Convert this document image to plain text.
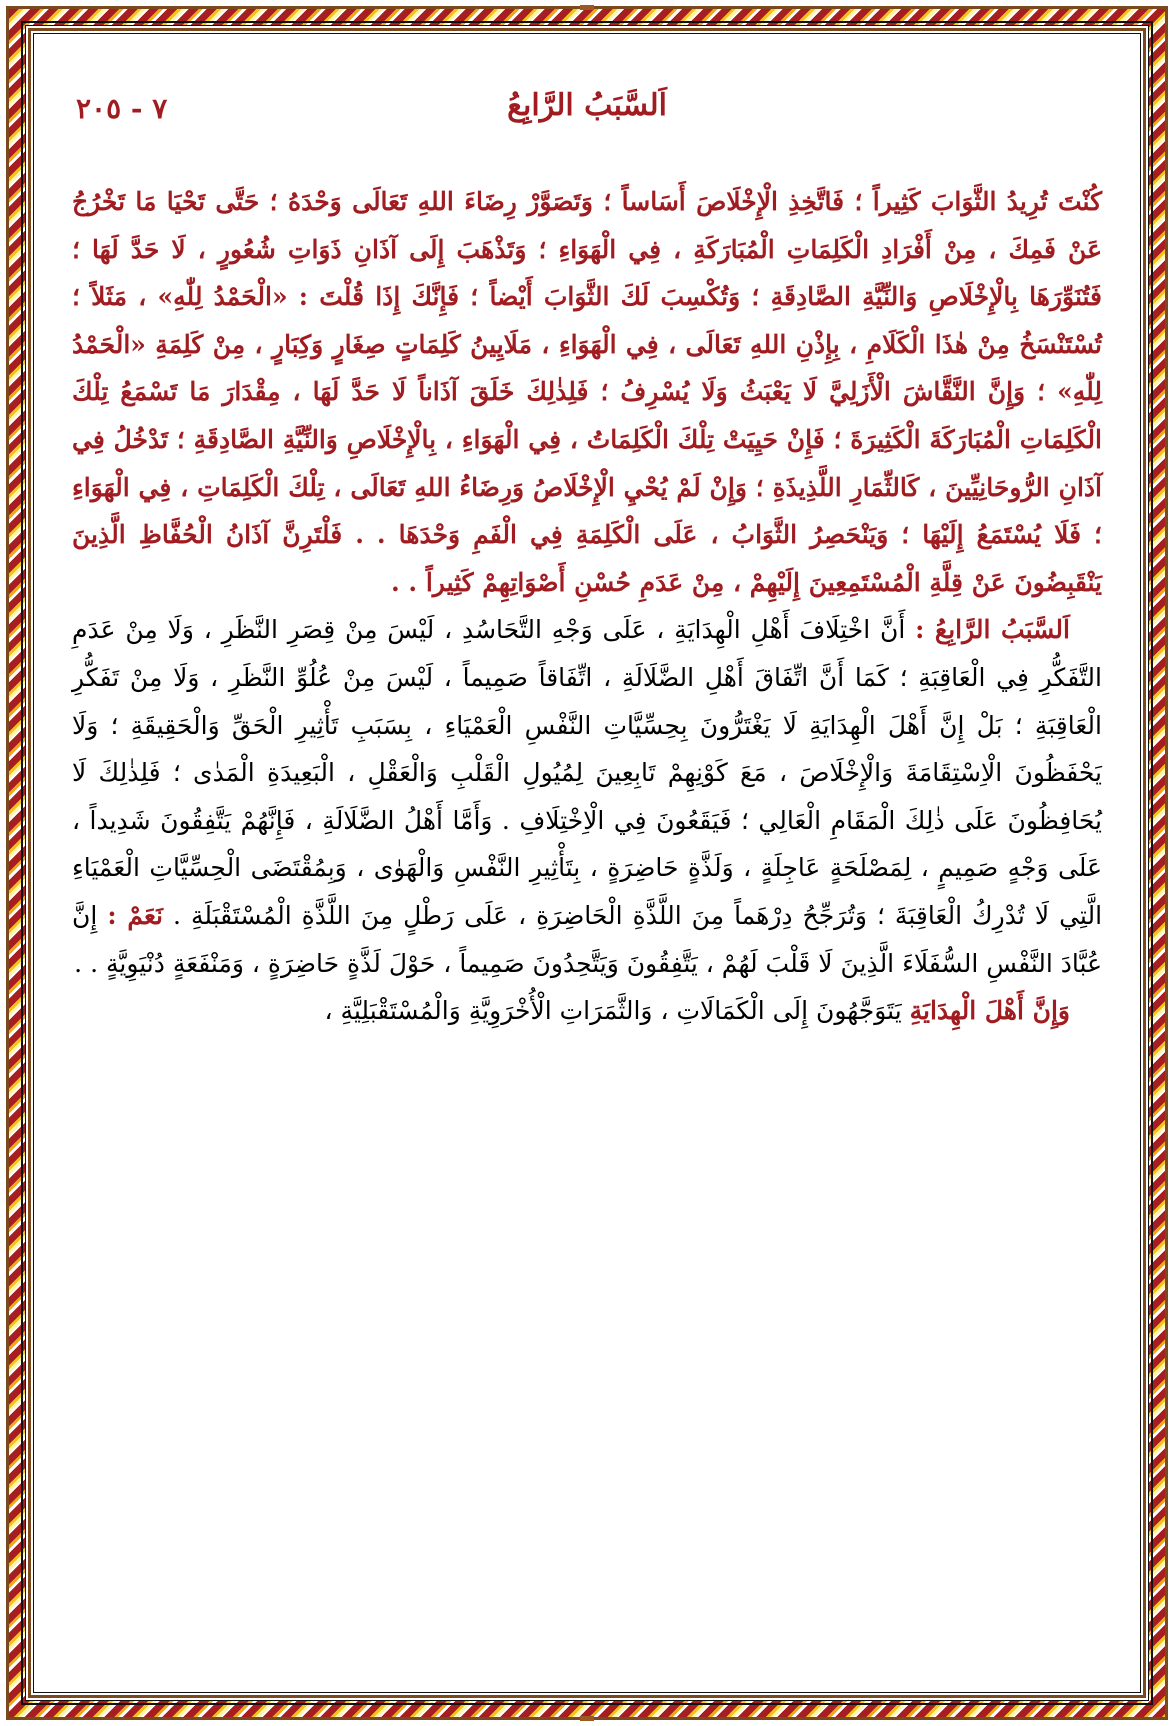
اَلسَّبَبُ الرَّابِعُ
٧ - ٢٠٥

كُنْتَ تُرِيدُ الثَّوَابَ كَثِيراً ؛ فَاتَّخِذِ الْإِخْلَاصَ أَسَاساً ؛ وَتَصَوَّرْ رِضَاءَ اللهِ تَعَالَى وَحْدَهُ ؛ حَتَّى تَحْيَا مَا تَخْرُجُ عَنْ فَمِكَ ، مِنْ أَفْرَادِ الْكَلِمَاتِ الْمُبَارَكَةِ ، فِي الْهَوَاءِ ؛ وَتَذْهَبَ إِلَى آذَانِ ذَوَاتِ شُعُورٍ ، لَا حَدَّ لَهَا ؛ فَتُنَوِّرَهَا بِالْإِخْلَاصِ وَالنِّيَّةِ الصَّادِقَةِ ؛ وَتُكْسِبَ لَكَ الثَّوَابَ أَيْضاً ؛ فَإِنَّكَ إِذَا قُلْتَ : «الْحَمْدُ لِلّٰهِ» ، مَثَلاً ؛ تُسْتَنْسَخُ مِنْ هٰذَا الْكَلَامِ ، بِإِذْنِ اللهِ تَعَالَى ، فِي الْهَوَاءِ ، مَلَايِينُ كَلِمَاتٍ صِغَارٍ وَكِبَارٍ ، مِنْ كَلِمَةِ «الْحَمْدُ لِلّٰهِ» ؛ وَإِنَّ النَّقَّاشَ الْأَزَلِيَّ لَا يَعْبَثُ وَلَا يُسْرِفُ ؛ فَلِذٰلِكَ خَلَقَ آذَاناً لَا حَدَّ لَهَا ، مِقْدَارَ مَا تَسْمَعُ تِلْكَ الْكَلِمَاتِ الْمُبَارَكَةَ الْكَثِيرَةَ ؛ فَإِنْ حَيِيَتْ تِلْكَ الْكَلِمَاتُ ، فِي الْهَوَاءِ ، بِالْإِخْلَاصِ وَالنِّيَّةِ الصَّادِقَةِ ؛ تَدْخُلُ فِي آذَانِ الرُّوحَانِيِّينَ ، كَالثِّمَارِ اللَّذِيذَةِ ؛ وَإِنْ لَمْ يُحْيِ الْإِخْلَاصُ وَرِضَاءُ اللهِ تَعَالَى ، تِلْكَ الْكَلِمَاتِ ، فِي الْهَوَاءِ ؛ فَلَا يُسْتَمَعُ إِلَيْهَا ؛ وَيَنْحَصِرُ الثَّوَابُ ، عَلَى الْكَلِمَةِ فِي الْفَمِ وَحْدَهَا . . فَلْتَرِنَّ آذَانُ الْحُفَّاظِ الَّذِينَ يَنْقَبِضُونَ عَنْ قِلَّةِ الْمُسْتَمِعِينَ إِلَيْهِمْ ، مِنْ عَدَمِ حُسْنِ أَصْوَاتِهِمْ كَثِيراً . .

اَلسَّبَبُ الرَّابِعُ : أَنَّ اخْتِلَافَ أَهْلِ الْهِدَايَةِ ، عَلَى وَجْهِ التَّحَاسُدِ ، لَيْسَ مِنْ قِصَرِ النَّظَرِ ، وَلَا مِنْ عَدَمِ التَّفَكُّرِ فِي الْعَاقِبَةِ ؛ كَمَا أَنَّ اتِّفَاقَ أَهْلِ الضَّلَالَةِ ، اتِّفَاقاً صَمِيماً ، لَيْسَ مِنْ عُلُوِّ النَّظَرِ ، وَلَا مِنْ تَفَكُّرِ الْعَاقِبَةِ ؛ بَلْ إِنَّ أَهْلَ الْهِدَايَةِ لَا يَغْتَرُّونَ بِحِسِّيَّاتِ النَّفْسِ الْعَمْيَاءِ ، بِسَبَبِ تَأْثِيرِ الْحَقِّ وَالْحَقِيقَةِ ؛ وَلَا يَحْفَظُونَ الْاِسْتِقَامَةَ وَالْإِخْلَاصَ ، مَعَ كَوْنِهِمْ تَابِعِينَ لِمُيُولِ الْقَلْبِ وَالْعَقْلِ ، الْبَعِيدَةِ الْمَدٰى ؛ فَلِذٰلِكَ لَا يُحَافِظُونَ عَلَى ذٰلِكَ الْمَقَامِ الْعَالِي ؛ فَيَقَعُونَ فِي الْاِخْتِلَافِ . وَأَمَّا أَهْلُ الضَّلَالَةِ ، فَإِنَّهُمْ يَتَّفِقُونَ شَدِيداً ، عَلَى وَجْهٍ صَمِيمٍ ، لِمَصْلَحَةٍ عَاجِلَةٍ ، وَلَذَّةٍ حَاضِرَةٍ ، بِتَأْثِيرِ النَّفْسِ وَالْهَوٰى ، وَبِمُقْتَضَى الْحِسِّيَّاتِ الْعَمْيَاءِ الَّتِي لَا تُدْرِكُ الْعَاقِبَةَ ؛ وَتُرَجِّحُ دِرْهَماً مِنَ اللَّذَّةِ الْحَاضِرَةِ ، عَلَى رَطْلٍ مِنَ اللَّذَّةِ الْمُسْتَقْبَلَةِ . نَعَمْ : إِنَّ عُبَّادَ النَّفْسِ السُّفَلَاءَ الَّذِينَ لَا قَلْبَ لَهُمْ ، يَتَّفِقُونَ وَيَتَّحِدُونَ صَمِيماً ، حَوْلَ لَذَّةٍ حَاضِرَةٍ ، وَمَنْفَعَةٍ دُنْيَوِيَّةٍ . .

وَإِنَّ أَهْلَ الْهِدَايَةِ يَتَوَجَّهُونَ إِلَى الْكَمَالَاتِ ، وَالثَّمَرَاتِ الْأُخْرَوِيَّةِ وَالْمُسْتَقْبَلِيَّةِ ،
